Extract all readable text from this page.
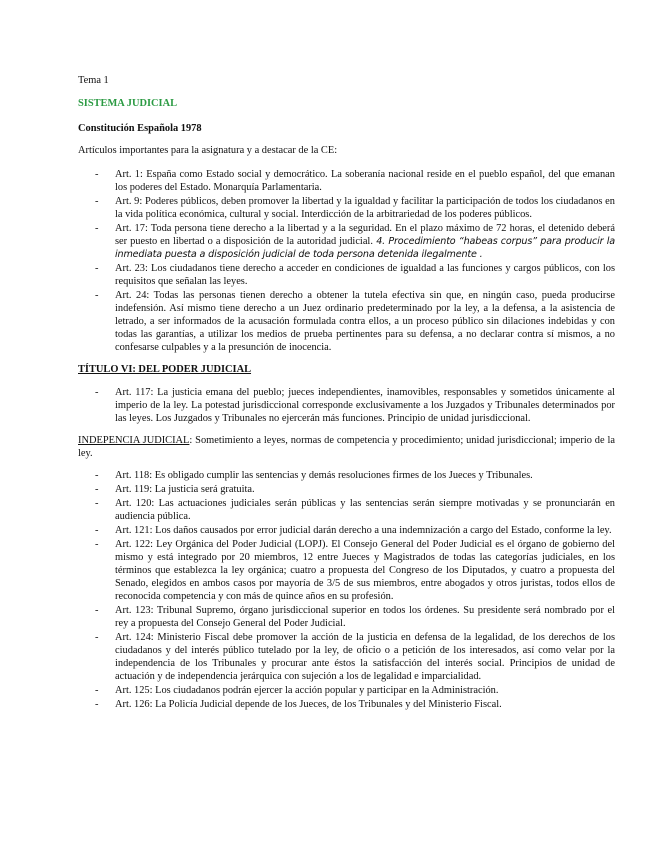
Tema 1

SISTEMA JUDICIAL

Constitución Española 1978

Artículos importantes para la asignatura y a destacar de la CE:

- Art. 1: España como Estado social y democrático. La soberanía nacional reside en el pueblo español, del que emanan los poderes del Estado. Monarquía Parlamentaria.
- Art. 9: Poderes públicos, deben promover la libertad y la igualdad y facilitar la participación de todos los ciudadanos en la vida política económica, cultural y social. Interdicción de la arbitrariedad de los poderes públicos.
- Art. 17: Toda persona tiene derecho a la libertad y a la seguridad. En el plazo máximo de 72 horas, el detenido deberá ser puesto en libertad o a disposición de la autoridad judicial. 4. Procedimiento “habeas corpus” para producir la inmediata puesta a disposición judicial de toda persona detenida ilegalmente .
- Art. 23: Los ciudadanos tiene derecho a acceder en condiciones de igualdad a las funciones y cargos públicos, con los requisitos que señalan las leyes.
- Art. 24: Todas las personas tienen derecho a obtener la tutela efectiva sin que, en ningún caso, pueda producirse indefensión. Así mismo tiene derecho a un Juez ordinario predeterminado por la ley, a la defensa, a la asistencia de letrado, a ser informados de la acusación formulada contra ellos, a un proceso público sin dilaciones indebidas y con todas las garantías, a utilizar los medios de prueba pertinentes para su defensa, a no declarar contra sí mismos, a no confesarse culpables y a la presunción de inocencia.

TÍTULO VI: DEL PODER JUDICIAL

- Art. 117: La justicia emana del pueblo; jueces independientes, inamovibles, responsables y sometidos únicamente al imperio de la ley. La potestad jurisdiccional corresponde exclusivamente a los Juzgados y Tribunales determinados por las leyes. Los Juzgados y Tribunales no ejercerán más funciones. Principio de unidad jurisdiccional.

INDEPENCIA JUDICIAL: Sometimiento a leyes, normas de competencia y procedimiento; unidad jurisdiccional; imperio de la ley.

- Art. 118: Es obligado cumplir las sentencias y demás resoluciones firmes de los Jueces y Tribunales.
- Art. 119: La justicia será gratuita.
- Art. 120: Las actuaciones judiciales serán públicas y las sentencias serán siempre motivadas y se pronunciarán en audiencia pública.
- Art. 121: Los daños causados por error judicial darán derecho a una indemnización a cargo del Estado, conforme la ley.
- Art. 122: Ley Orgánica del Poder Judicial (LOPJ). El Consejo General del Poder Judicial es el órgano de gobierno del mismo y está integrado por 20 miembros, 12 entre Jueces y Magistrados de todas las categorías judiciales, en los términos que establezca la ley orgánica; cuatro a propuesta del Congreso de los Diputados, y cuatro a propuesta del Senado, elegidos en ambos casos por mayoría de 3/5 de sus miembros, entre abogados y otros juristas, todos ellos de reconocida competencia y con más de quince años en su profesión.
- Art. 123: Tribunal Supremo, órgano jurisdiccional superior en todos los órdenes. Su presidente será nombrado por el rey a propuesta del Consejo General del Poder Judicial.
- Art. 124: Ministerio Fiscal debe promover la acción de la justicia en defensa de la legalidad, de los derechos de los ciudadanos y del interés público tutelado por la ley, de oficio o a petición de los interesados, así como velar por la independencia de los Tribunales y procurar ante éstos la satisfacción del interés social. Principios de unidad de actuación y de independencia jerárquica con sujeción a los de legalidad e imparcialidad.
- Art. 125: Los ciudadanos podrán ejercer la acción popular y participar en la Administración.
- Art. 126: La Policía Judicial depende de los Jueces, de los Tribunales y del Ministerio Fiscal.
